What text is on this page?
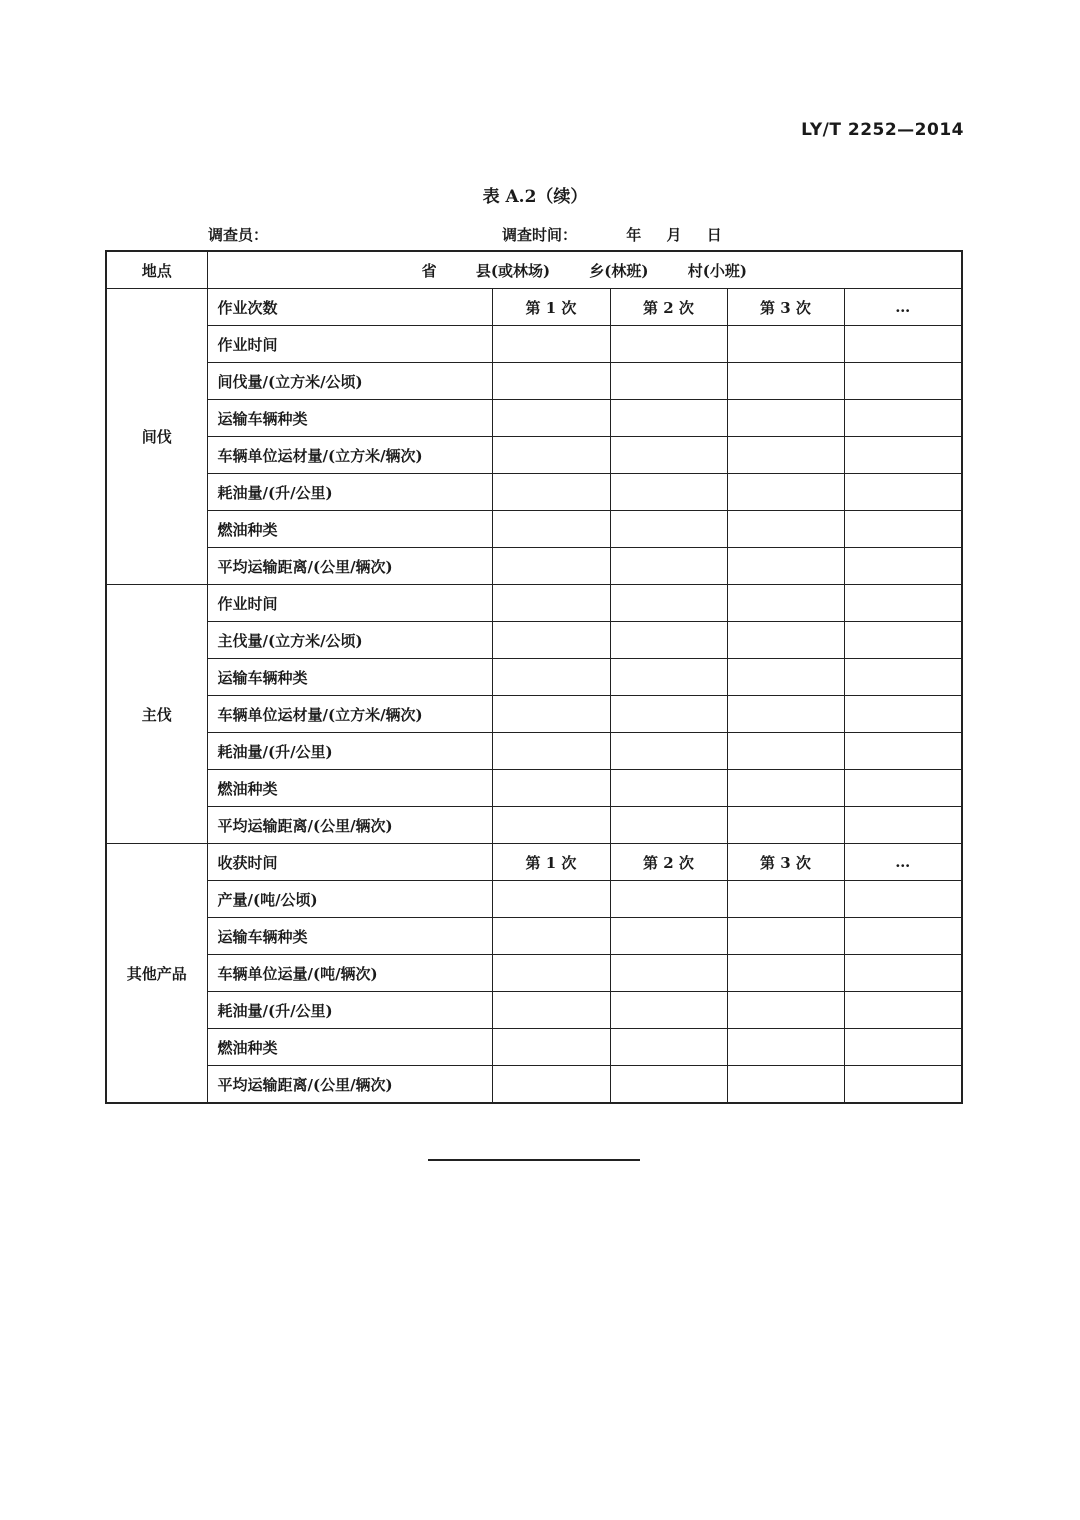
LY/T 2252—2014
表 A.2（续）
调查员：	调查时间：	年 月 日
地点	省 县(或林场) 乡(林班) 村(小班)				
间伐	作业次数	第 1 次	第 2 次	第 3 次	…
	作业时间				
	间伐量/(立方米/公顷)				
	运输车辆种类				
	车辆单位运材量/(立方米/辆次)				
	耗油量/(升/公里)				
	燃油种类				
	平均运输距离/(公里/辆次)				
主伐	作业时间				
	主伐量/(立方米/公顷)				
	运输车辆种类				
	车辆单位运材量/(立方米/辆次)				
	耗油量/(升/公里)				
	燃油种类				
	平均运输距离/(公里/辆次)				
其他产品	收获时间	第 1 次	第 2 次	第 3 次	…
	产量/(吨/公顷)				
	运输车辆种类				
	车辆单位运量/(吨/辆次)				
	耗油量/(升/公里)				
	燃油种类				
	平均运输距离/(公里/辆次)				
